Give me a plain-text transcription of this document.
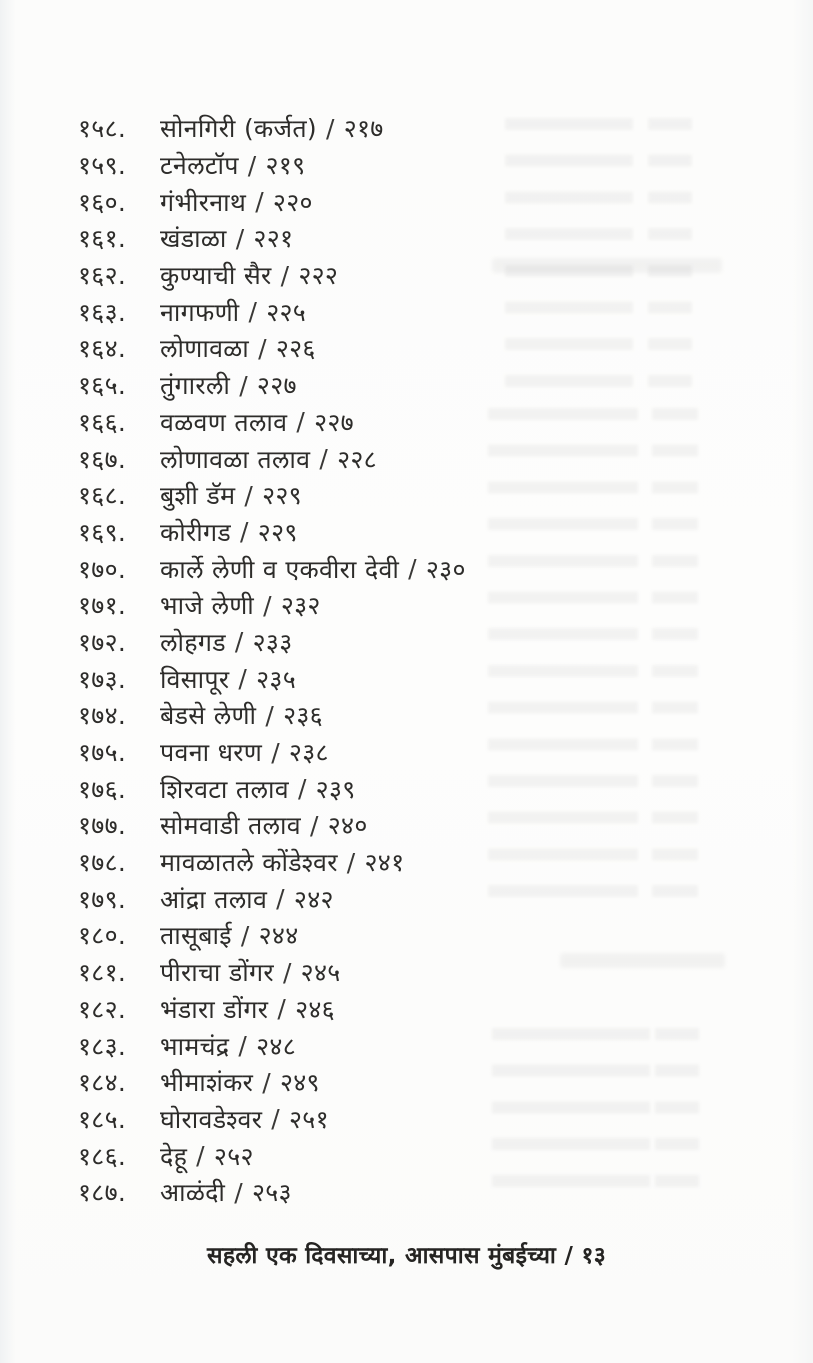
१५८.	सोनगिरी (कर्जत) / २१७
१५९.	टनेलटॉप / २१९
१६०.	गंभीरनाथ / २२०
१६१.	खंडाळा / २२१
१६२.	कुण्याची सैर / २२२
१६३.	नागफणी / २२५
१६४.	लोणावळा / २२६
१६५.	तुंगारली / २२७
१६६.	वळवण तलाव / २२७
१६७.	लोणावळा तलाव / २२८
१६८.	बुशी डॅम / २२९
१६९.	कोरीगड / २२९
१७०.	कार्ले लेणी व एकवीरा देवी / २३०
१७१.	भाजे लेणी / २३२
१७२.	लोहगड / २३३
१७३.	विसापूर / २३५
१७४.	बेडसे लेणी / २३६
१७५.	पवना धरण / २३८
१७६.	शिरवटा तलाव / २३९
१७७.	सोमवाडी तलाव / २४०
१७८.	मावळातले कोंडेश्वर / २४१
१७९.	आंद्रा तलाव / २४२
१८०.	तासूबाई / २४४
१८१.	पीराचा डोंगर / २४५
१८२.	भंडारा डोंगर / २४६
१८३.	भामचंद्र / २४८
१८४.	भीमाशंकर / २४९
१८५.	घोरावडेश्वर / २५१
१८६.	देहू / २५२
१८७.	आळंदी / २५३
सहली एक दिवसाच्या, आसपास मुंबईच्या / १३
